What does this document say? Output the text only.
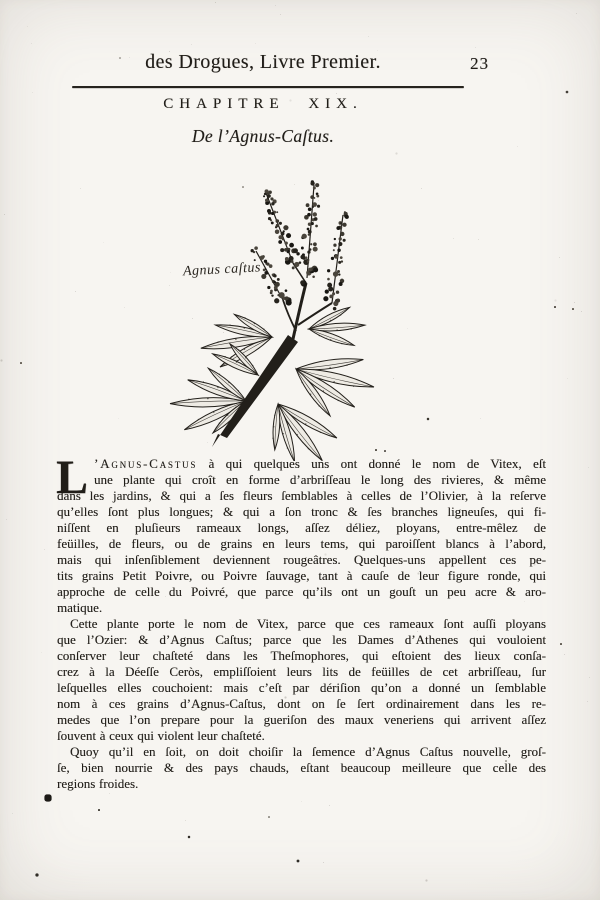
des Drogues, Livre Premier.	23
CHAPITRE XIX.
De l’Agnus-Caſtus.
Agnus caſtus
L ’Agnus-Castus à qui quelques uns ont donné le nom de Vitex, eſt
une plante qui croît en forme d’arbriſſeau le long des rivieres, & même
dans les jardins, & qui a ſes fleurs ſemblables à celles de l’Olivier, à la reſerve
qu’elles ſont plus longues; & qui a ſon tronc & ſes branches ligneuſes, qui fi-
niſſent en pluſieurs rameaux longs, aſſez déliez, ployans, entre-mêlez de
feüilles, de fleurs, ou de grains en leurs tems, qui paroiſſent blancs à l’abord,
mais qui inſenſiblement deviennent rougeâtres. Quelques-uns appellent ces pe-
tits grains Petit Poivre, ou Poivre ſauvage, tant à cauſe de leur figure ronde, qui
approche de celle du Poivré, que parce qu’ils ont un gouſt un peu acre & aro-
matique.
Cette plante porte le nom de Vitex, parce que ces rameaux ſont auſſi ployans
que l’Ozier: & d’Agnus Caſtus; parce que les Dames d’Athenes qui vouloient
conſerver leur chaſteté dans les Theſmophores, qui eſtoient des lieux conſa-
crez à la Déeſſe Ceròs, empliſſoient leurs lits de feüilles de cet arbriſſeau, ſur
leſquelles elles couchoient: mais c’eſt par dériſion qu’on a donné un ſemblable
nom à ces grains d’Agnus-Caſtus, dont on ſe ſert ordinairement dans les re-
medes que l’on prepare pour la gueriſon des maux veneriens qui arrivent aſſez
ſouvent à ceux qui violent leur chaſteté.
Quoy qu’il en ſoit, on doit choiſir la ſemence d’Agnus Caſtus nouvelle, groſ-
ſe, bien nourrie & des pays chauds, eſtant beaucoup meilleure que celle des
regions froides.
